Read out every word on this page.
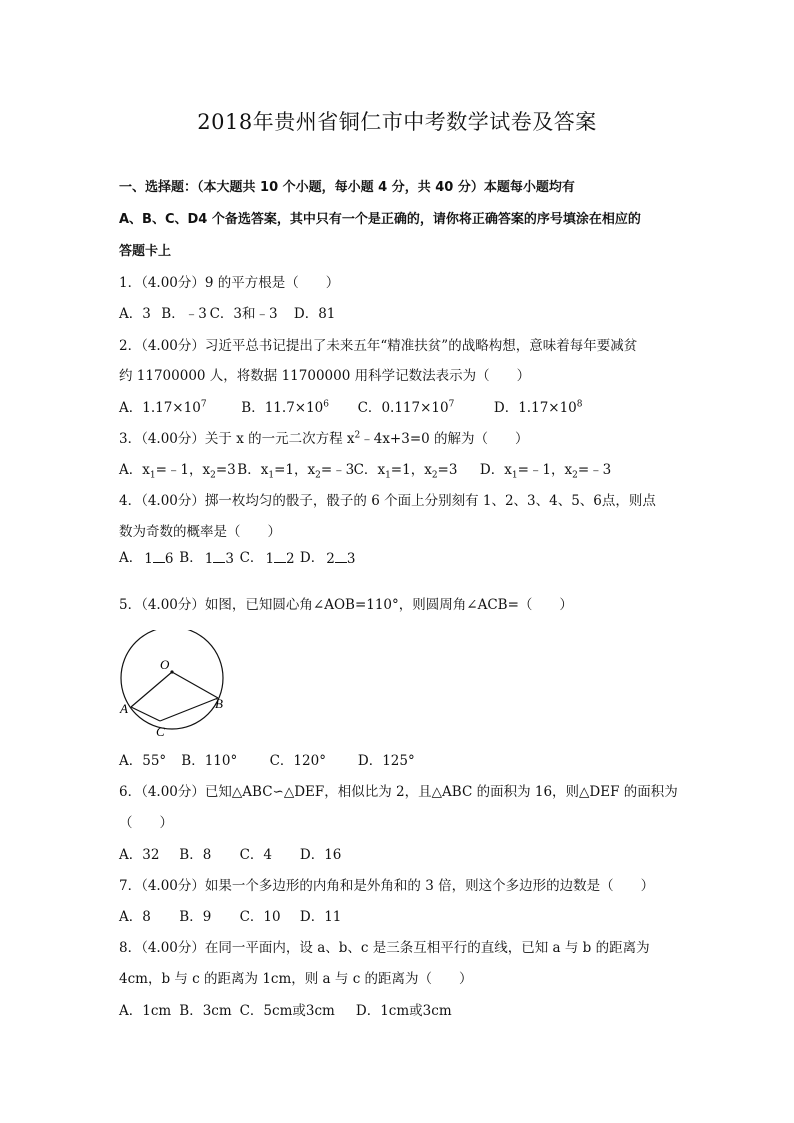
2018年贵州省铜仁市中考数学试卷及答案
一、选择题：（本大题共 10 个小题，每小题 4 分，共 40 分）本题每小题均有
A、B、C、D4 个备选答案，其中只有一个是正确的，请你将正确答案的序号填涂在相应的
答题卡上
1．（4.00分）9 的平方根是（　　）
A．3 B．﹣3 C．3和﹣3 D．81
2．（4.00分）习近平总书记提出了未来五年“精准扶贫”的战略构想，意味着每年要减贫
约 11700000 人，将数据 11700000 用科学记数法表示为（　　）
A．$1.17\times 10^7$	B．$11.7\times 10^6$ C．$0.117\times 10^7$	D．$1.17\times 10^8$
3．（4.00分）关于 x 的一元二次方程 $x^2﹣4x+3=0$ 的解为（　　）
A．$x_1=﹣1$，$x_2=3$ B．$x_1=1$，$x_2=﹣3$ C．$x_1=1$，$x_2=3$ D．$x_1=﹣1$，$x_2=﹣3$
4．（4.00分）掷一枚均匀的骰子，骰子的 6 个面上分别刻有 1、2、3、4、5、6点，则点
数为奇数的概率是（　　）
A． 1 6 B． 1 3 C． 1 2 D． 2 3
5．（4.00分）如图，已知圆心角∠AOB=110°，则圆周角∠ACB=（　　）
O
A	B
C
A．55° B．110° C．120° D．125°
6．（4.00分）已知△ABC∽△DEF，相似比为 2，且△ABC 的面积为 16，则△DEF 的面积为
（　　）
A．32 B．8 C．4 D．16
7．（4.00分）如果一个多边形的内角和是外角和的 3 倍，则这个多边形的边数是（　　）
A．8 B．9 C．10 D．11
8．（4.00分）在同一平面内，设 a、b、c 是三条互相平行的直线，已知 a 与 b 的距离为
4cm，b 与 c 的距离为 1cm，则 a 与 c 的距离为（　　）
A．1cm B．3cm C．5cm或3cm D．1cm或3cm
